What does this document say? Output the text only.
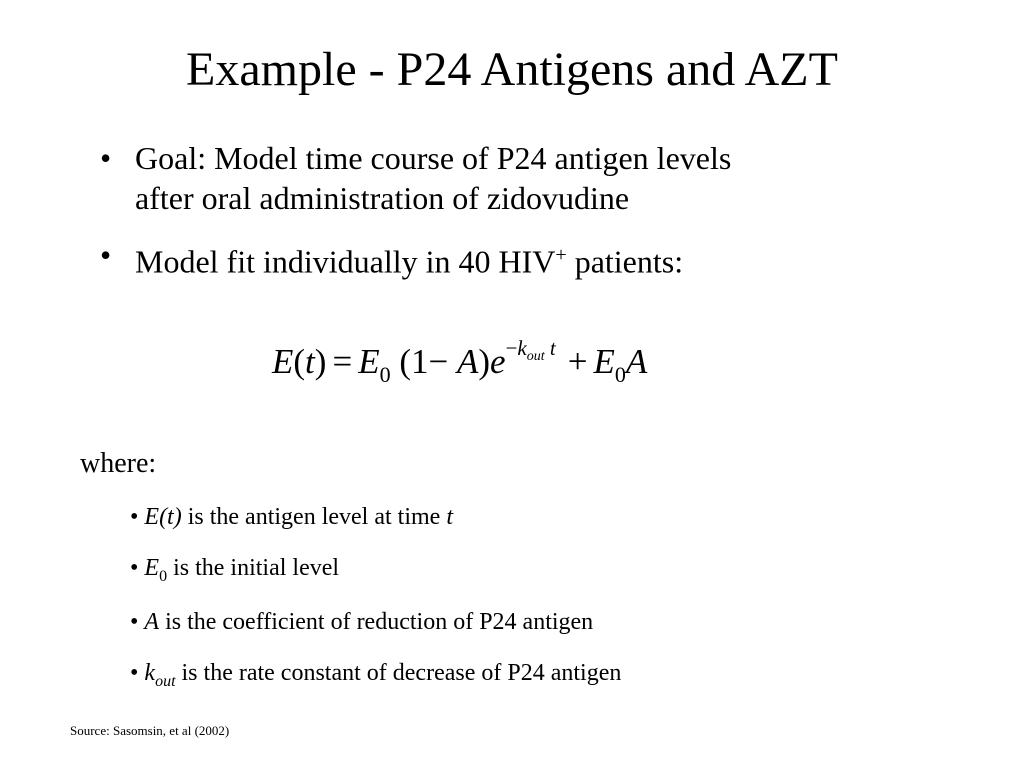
Example - P24 Antigens and AZT
• Goal: Model time course of P24 antigen levels
after oral administration of zidovudine
• Model fit individually in 40 HIV+ patients:
$E(t) = E_0$ $(1- A)e^{-k_{out} t} + E_0A$
where:
• E(t) is the antigen level at time t
• $E_0$ is the initial level
• A is the coefficient of reduction of P24 antigen
• $k_{out}$ is the rate constant of decrease of P24 antigen
Source: Sasomsin, et al (2002)
